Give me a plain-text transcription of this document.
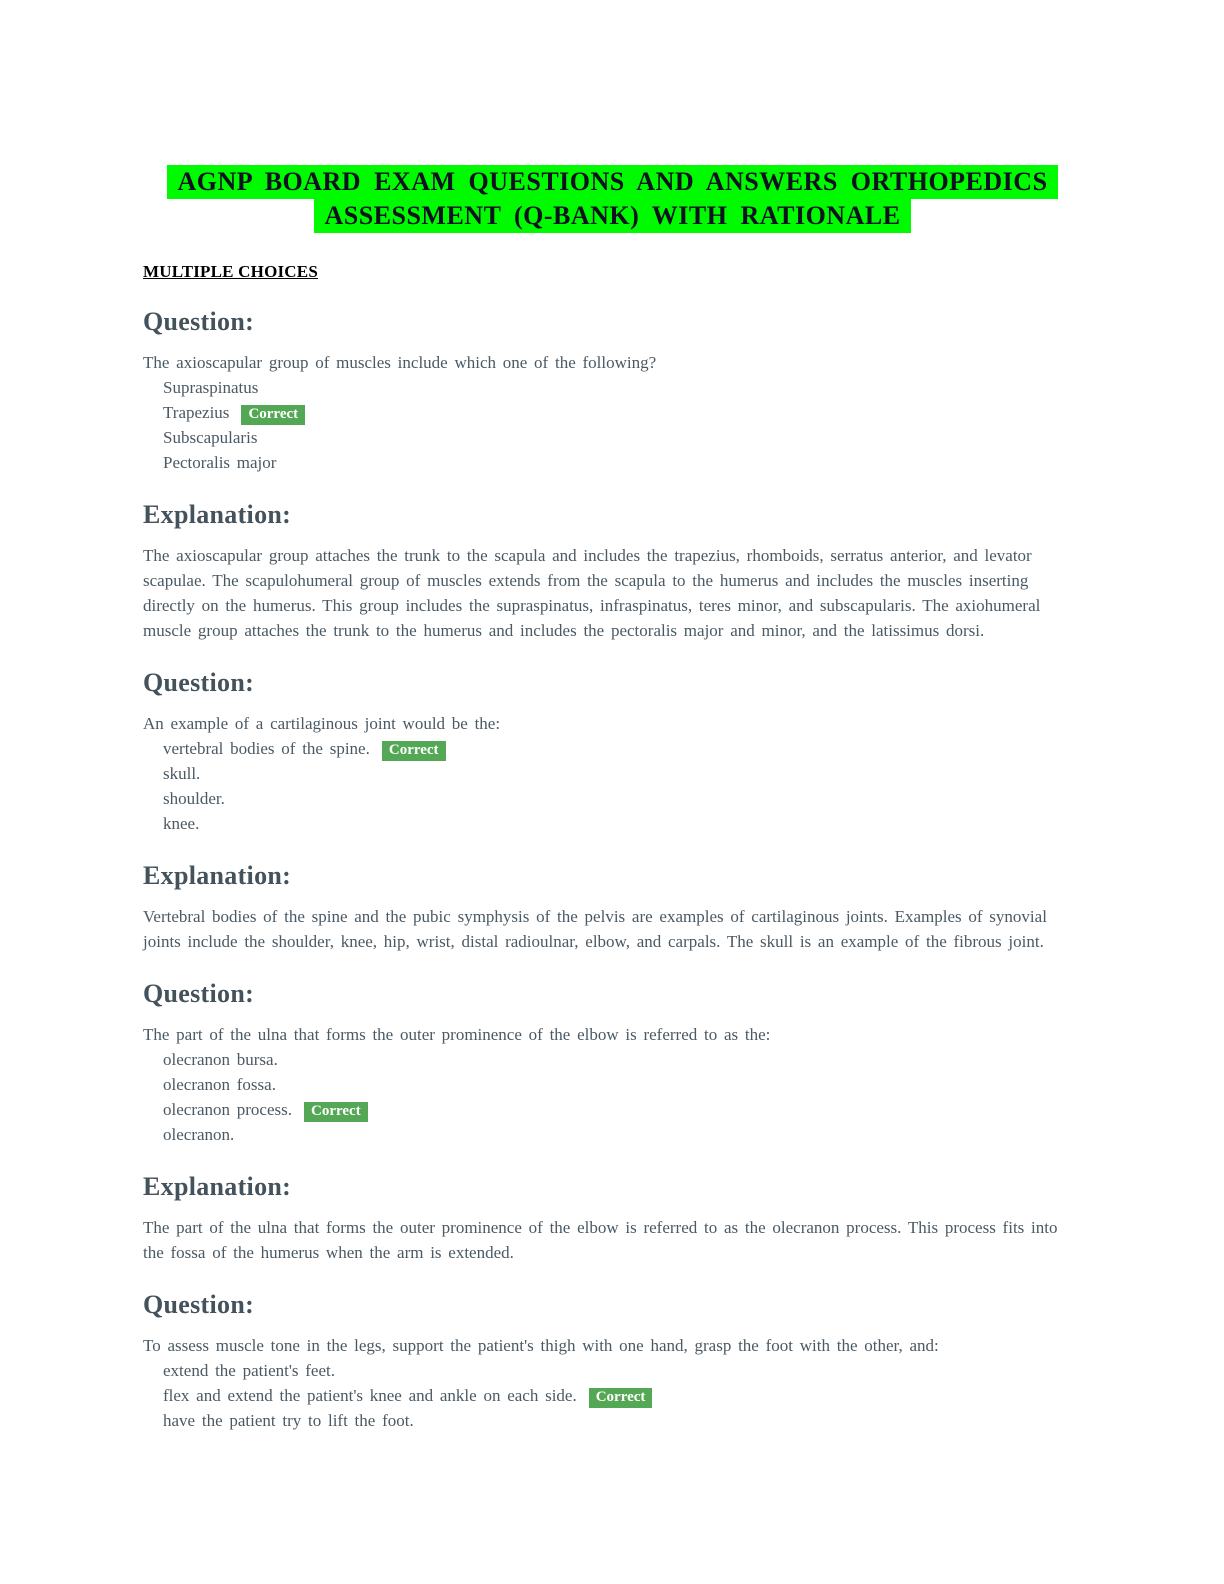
AGNP BOARD EXAM QUESTIONS AND ANSWERS ORTHOPEDICS
ASSESSMENT (Q-BANK) WITH RATIONALE
MULTIPLE CHOICES
Question:

The axioscapular group of muscles include which one of the following?

Supraspinatus
Trapezius Correct
Subscapularis
Pectoralis major
Explanation:

The axioscapular group attaches the trunk to the scapula and includes the trapezius, rhomboids, serratus anterior, and levator scapulae. The scapulohumeral group of muscles extends from the scapula to the humerus and includes the muscles inserting directly on the humerus. This group includes the supraspinatus, infraspinatus, teres minor, and subscapularis. The axiohumeral muscle group attaches the trunk to the humerus and includes the pectoralis major and minor, and the latissimus dorsi.

Question:

An example of a cartilaginous joint would be the:

vertebral bodies of the spine. Correct
skull.
shoulder.
knee.
Explanation:

Vertebral bodies of the spine and the pubic symphysis of the pelvis are examples of cartilaginous joints. Examples of synovial joints include the shoulder, knee, hip, wrist, distal radioulnar, elbow, and carpals. The skull is an example of the fibrous joint.

Question:

The part of the ulna that forms the outer prominence of the elbow is referred to as the:

olecranon bursa.
olecranon fossa.
olecranon process. Correct
olecranon.
Explanation:

The part of the ulna that forms the outer prominence of the elbow is referred to as the olecranon process. This process fits into the fossa of the humerus when the arm is extended.

Question:

To assess muscle tone in the legs, support the patient's thigh with one hand, grasp the foot with the other, and:

extend the patient's feet.
flex and extend the patient's knee and ankle on each side. Correct
have the patient try to lift the foot.
